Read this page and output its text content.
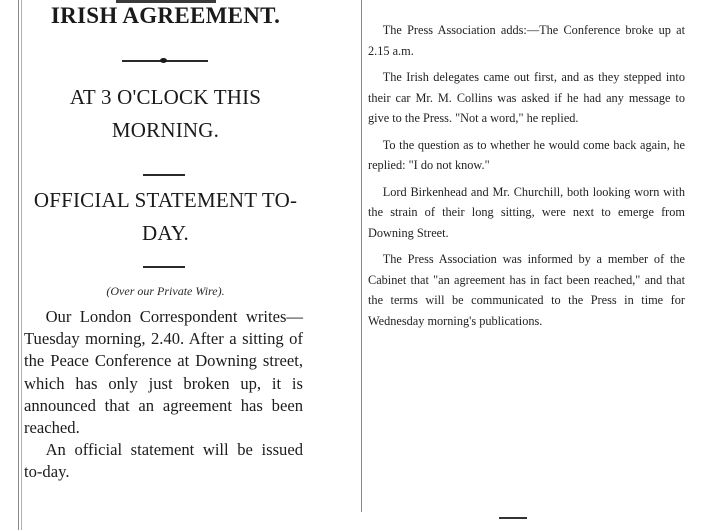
IRISH AGREEMENT.
AT 3 O'CLOCK THIS MORNING.
OFFICIAL STATEMENT TO-DAY.
(Over our Private Wire).

Our London Correspondent writes—Tuesday morning, 2.40. After a sitting of the Peace Conference at Downing street, which has only just broken up, it is announced that an agreement has been reached.

An official statement will be issued to-day.

The Press Association adds:—The Conference broke up at 2.15 a.m.

The Irish delegates came out first, and as they stepped into their car Mr. M. Collins was asked if he had any message to give to the Press. "Not a word," he replied.

To the question as to whether he would come back again, he replied: "I do not know."

Lord Birkenhead and Mr. Churchill, both looking worn with the strain of their long sitting, were next to emerge from Downing Street.

The Press Association was informed by a member of the Cabinet that "an agreement has in fact been reached," and that the terms will be communicated to the Press in time for Wednesday morning's publications.
